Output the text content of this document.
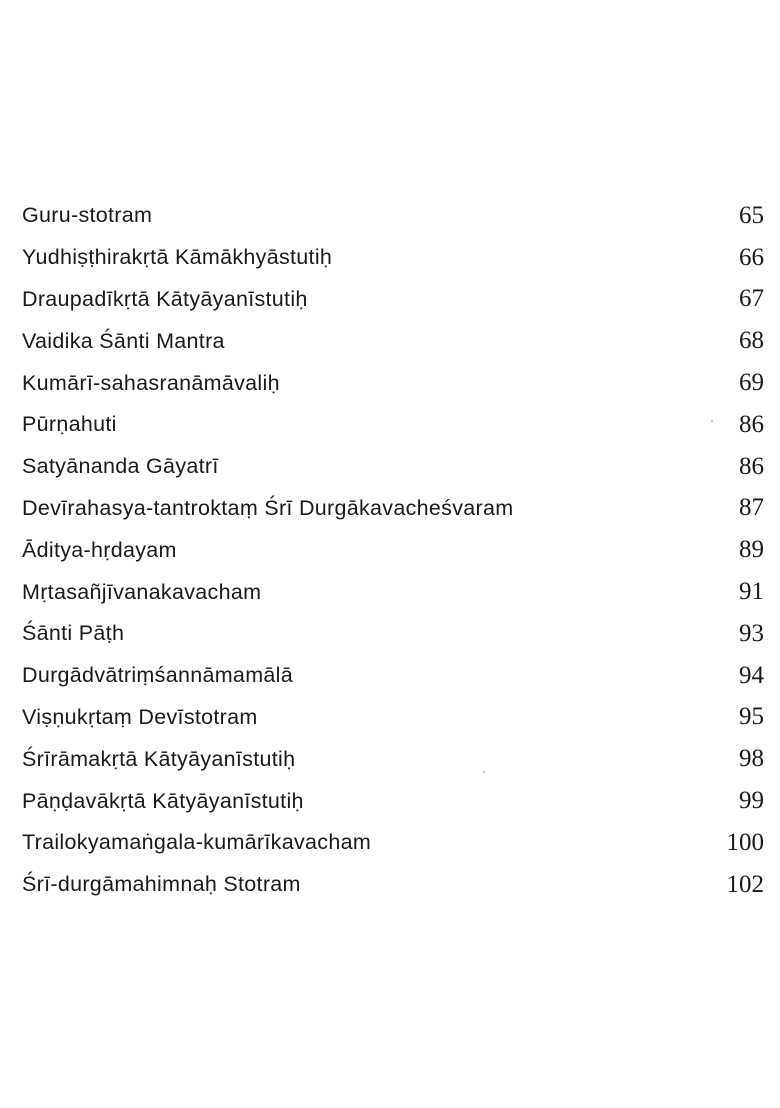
Guru-stotram	65
Yudhiṣṭhirakṛtā Kāmākhyāstutiḥ	66
Draupadīkṛtā Kātyāyanīstutiḥ	67
Vaidika Śānti Mantra	68
Kumārī-sahasranāmāvaliḥ	69
Pūrṇahuti	86
Satyānanda Gāyatrī	86
Devīrahasya-tantroktaṃ Śrī Durgākavacheśvaram	87
Āditya-hṛdayam	89
Mṛtasañjīvanakavacham	91
Śānti Pāṭh	93
Durgādvātriṃśannāmamālā	94
Viṣṇukṛtaṃ Devīstotram	95
Śrīrāmakṛtā Kātyāyanīstutiḥ	98
Pāṇḍavākṛtā Kātyāyanīstutiḥ	99
Trailokyamaṅgala-kumārīkavacham	100
Śrī-durgāmahimnaḥ Stotram	102
